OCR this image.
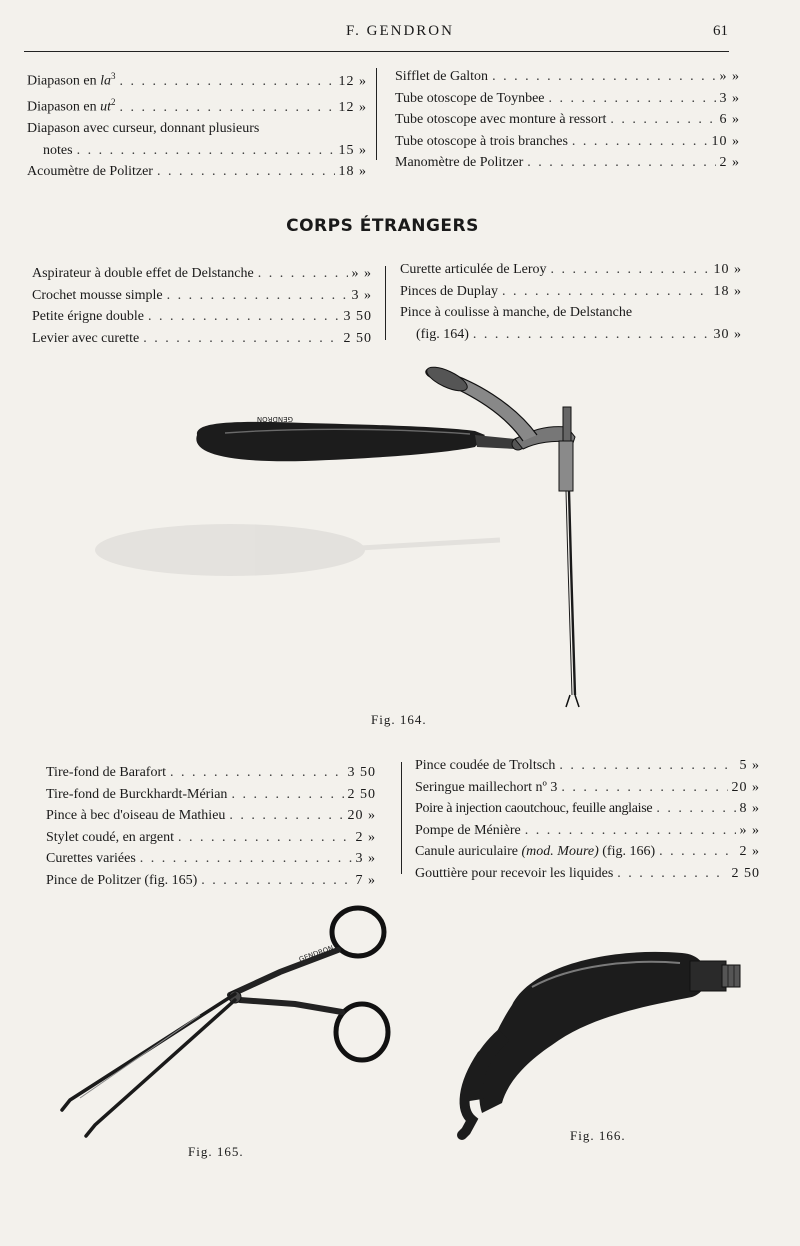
F. GENDRON	61
Diapason en $la^3$ . . .	12 »
Diapason en $ut^2$ . . .	12 »
Diapason avec curseur, donnant plusieurs
notes . . .	15 »
Acoumètre de Politzer . . .	18 »
Sifflet de Galton . . .	» »
Tube otoscope de Toynbee . . .	3 »
Tube otoscope avec monture à ressort . . .	6 »
Tube otoscope à trois branches . . .	10 »
Manomètre de Politzer . . .	2 »
CORPS ÉTRANGERS
Aspirateur à double effet de Delstanche . . .	» »
Crochet mousse simple . . .	3 »
Petite érigne double . . .	3 50
Levier avec curette . . .	2 50
Curette articulée de Leroy . . .	10 »
Pinces de Duplay . . .	18 »
Pince à coulisse à manche, de Delstanche
(fig. 164) . . .	30 »
GENDRON
Fig. 164.
Tire-fond de Barafort . . .	3 50
Tire-fond de Burckhardt-Mérian . . .	2 50
Pince à bec d'oiseau de Mathieu . . .	20 »
Stylet coudé, en argent . . .	2 »
Curettes variées . . .	3 »
Pince de Politzer (fig. 165) . . .	7 »
Pince coudée de Troltsch . . .	5 »
Seringue maillechort nº 3 . . .	20 »
Poire à injection caoutchouc, feuille anglaise . . .	8 »
Pompe de Ménière . . .	» »
Canule auriculaire (mod. Moure) (fig. 166) . . .	2 »
Gouttière pour recevoir les liquides . . .	2 50
GENDRON
Fig. 165.
Fig. 166.
